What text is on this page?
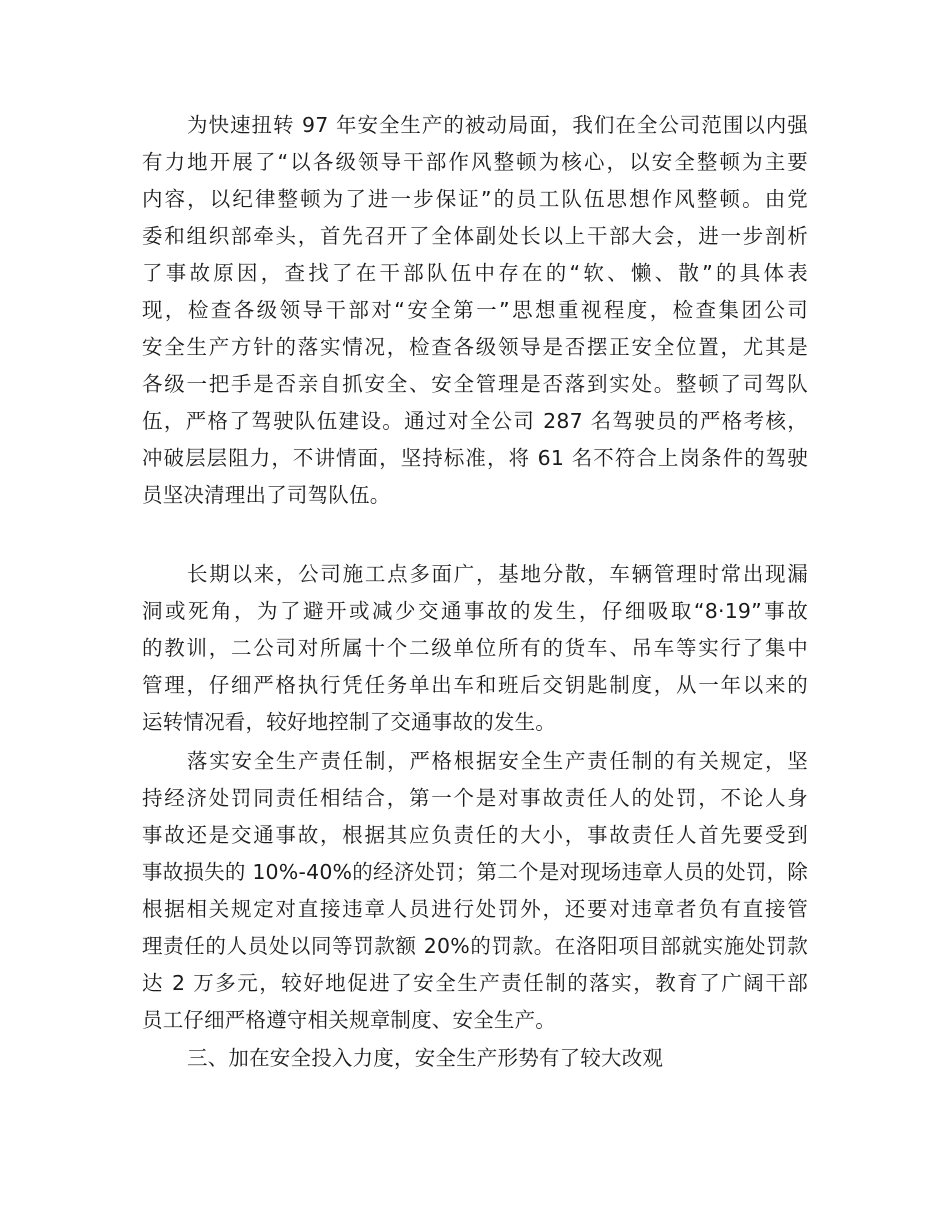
为快速扭转 97 年安全生产的被动局面，我们在全公司范围以内强
有力地开展了“以各级领导干部作风整顿为核心，以安全整顿为主要
内容，以纪律整顿为了进一步保证”的员工队伍思想作风整顿。由党
委和组织部牵头，首先召开了全体副处长以上干部大会，进一步剖析
了事故原因，查找了在干部队伍中存在的“软、懒、散”的具体表
现，检查各级领导干部对“安全第一”思想重视程度，检查集团公司
安全生产方针的落实情况，检查各级领导是否摆正安全位置，尤其是
各级一把手是否亲自抓安全、安全管理是否落到实处。整顿了司驾队
伍，严格了驾驶队伍建设。通过对全公司 287 名驾驶员的严格考核，
冲破层层阻力，不讲情面，坚持标准，将 61 名不符合上岗条件的驾驶
员坚决清理出了司驾队伍。
长期以来，公司施工点多面广，基地分散，车辆管理时常出现漏
洞或死角，为了避开或减少交通事故的发生，仔细吸取“8·19”事故
的教训，二公司对所属十个二级单位所有的货车、吊车等实行了集中
管理，仔细严格执行凭任务单出车和班后交钥匙制度，从一年以来的
运转情况看，较好地控制了交通事故的发生。
落实安全生产责任制，严格根据安全生产责任制的有关规定，坚
持经济处罚同责任相结合，第一个是对事故责任人的处罚，不论人身
事故还是交通事故，根据其应负责任的大小，事故责任人首先要受到
事故损失的 10%-40%的经济处罚；第二个是对现场违章人员的处罚，除
根据相关规定对直接违章人员进行处罚外，还要对违章者负有直接管
理责任的人员处以同等罚款额 20%的罚款。在洛阳项目部就实施处罚款
达 2 万多元，较好地促进了安全生产责任制的落实，教育了广阔干部
员工仔细严格遵守相关规章制度、安全生产。
三、加在安全投入力度，安全生产形势有了较大改观
